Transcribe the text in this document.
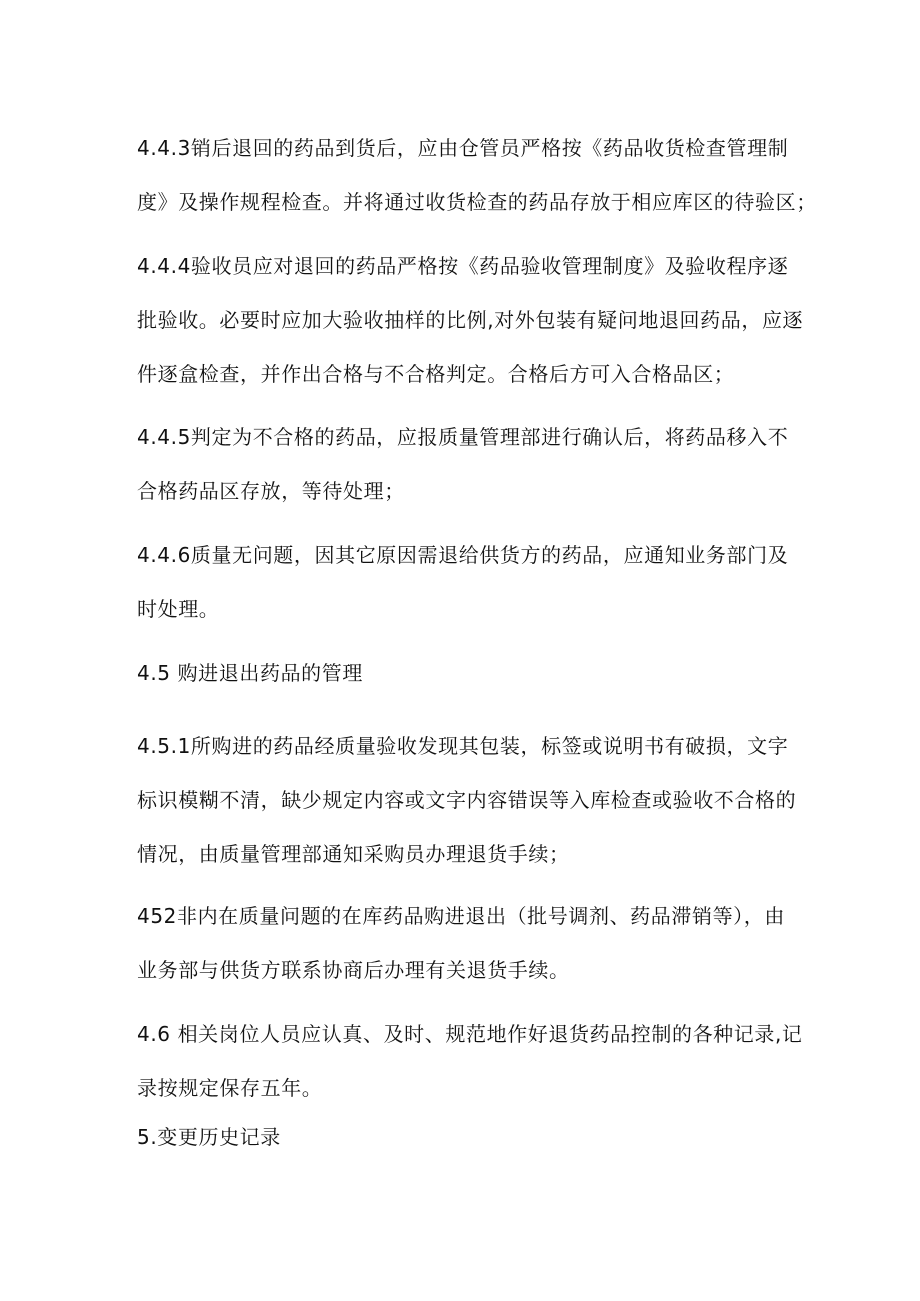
4.4.3销后退回的药品到货后，应由仓管员严格按《药品收货检查管理制
度》及操作规程检查。并将通过收货检查的药品存放于相应库区的待验区；
4.4.4验收员应对退回的药品严格按《药品验收管理制度》及验收程序逐
批验收。必要时应加大验收抽样的比例,对外包装有疑问地退回药品，应逐
件逐盒检查，并作出合格与不合格判定。合格后方可入合格品区；
4.4.5判定为不合格的药品，应报质量管理部进行确认后，将药品移入不
合格药品区存放，等待处理；
4.4.6质量无问题，因其它原因需退给供货方的药品，应通知业务部门及
时处理。
4.5 购进退出药品的管理
4.5.1所购进的药品经质量验收发现其包装，标签或说明书有破损，文字
标识模糊不清，缺少规定内容或文字内容错误等入库检查或验收不合格的
情况，由质量管理部通知采购员办理退货手续；
452非内在质量问题的在库药品购进退出（批号调剂、药品滞销等），由
业务部与供货方联系协商后办理有关退货手续。
4.6 相关岗位人员应认真、及时、规范地作好退货药品控制的各种记录,记
录按规定保存五年。
5.变更历史记录
